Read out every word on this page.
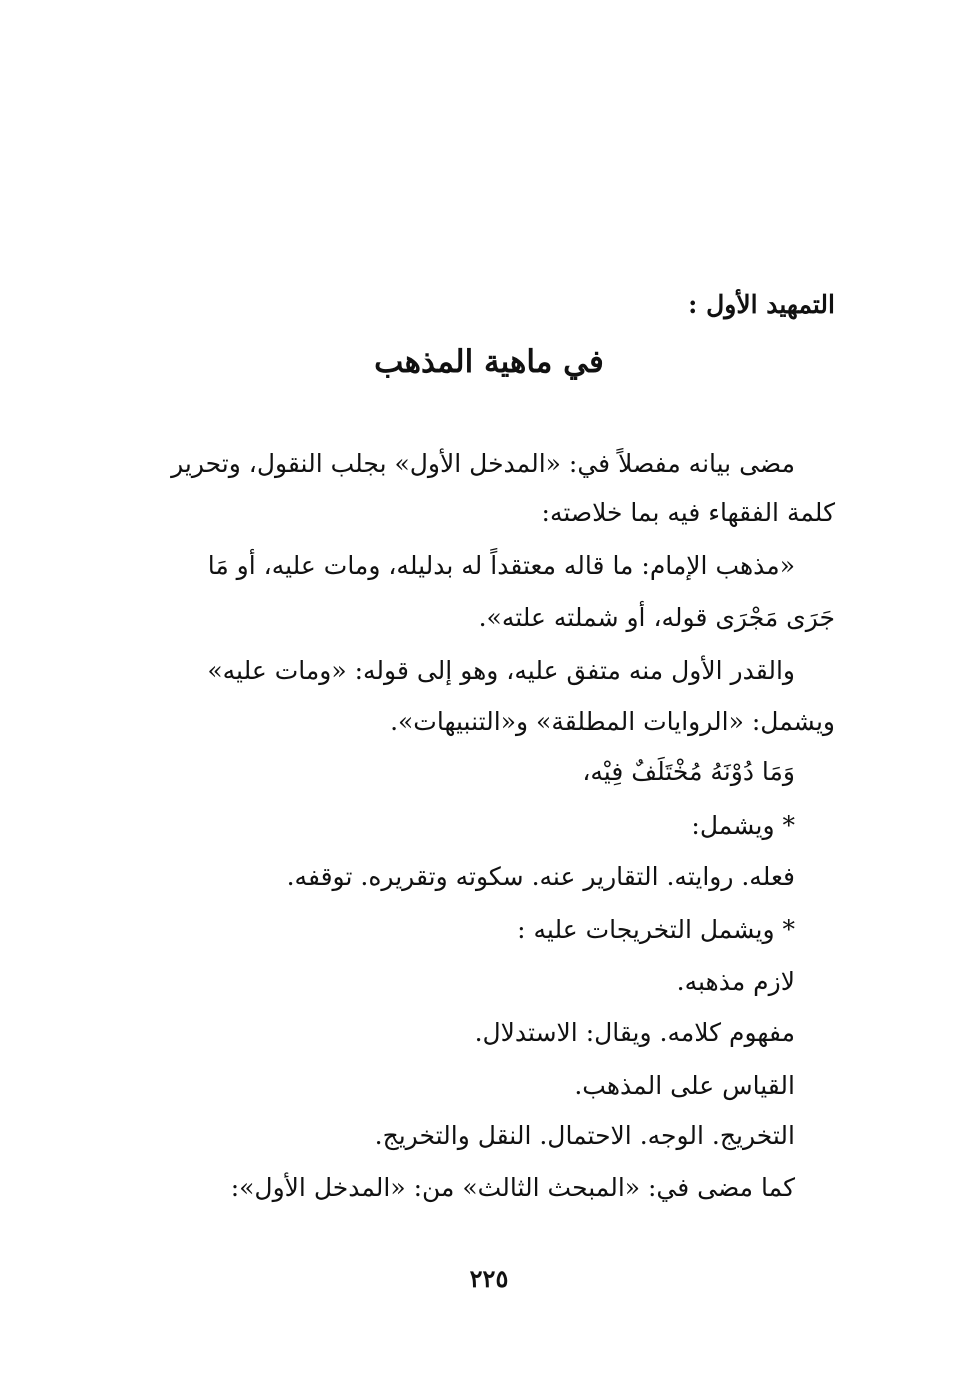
التمهيد الأول :
في ماهية المذهب
مضى بيانه مفصلاً في: «المدخل الأول» بجلب النقول، وتحرير
كلمة الفقهاء فيه بما خلاصته:
«مذهب الإمام: ما قاله معتقداً له بدليله، ومات عليه، أو مَا
جَرَى مَجْرَى قوله، أو شملته علته».
والقدر الأول منه متفق عليه، وهو إلى قوله: «ومات عليه»
ويشمل: «الروايات المطلقة» و«التنبيهات».
وَمَا دُوْنَهُ مُخْتَلَفٌ فِيْه،
* ويشمل:
فعله. روايته. التقارير عنه. سكوته وتقريره. توقفه.
* ويشمل التخريجات عليه :
لازم مذهبه.
مفهوم كلامه. ويقال: الاستدلال.
القياس على المذهب.
التخريج. الوجه. الاحتمال. النقل والتخريج.
كما مضى في: «المبحث الثالث» من: «المدخل الأول»:
٢٢٥
